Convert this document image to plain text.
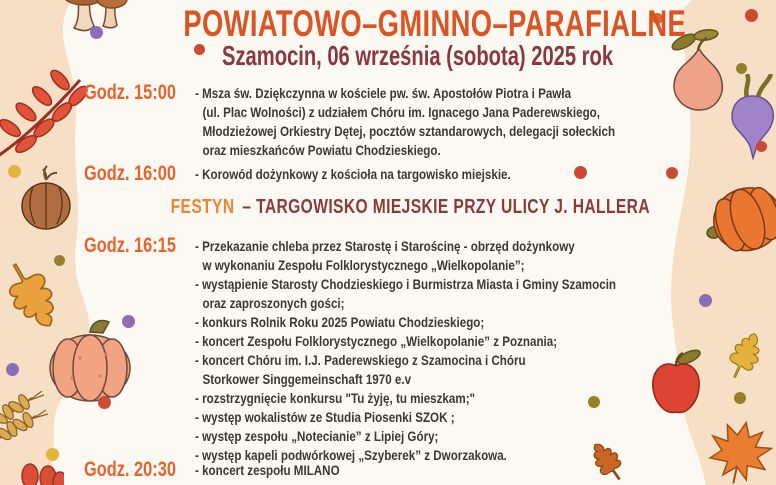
POWIATOWO–GMINNO–PARAFIALNE
Szamocin, 06 września (sobota) 2025 rok
Godz. 15:00 - Msza św. Dziękczynna w kościele pw. św. Apostołów Piotra i Pawła
(ul. Plac Wolności) z udziałem Chóru im. Ignacego Jana Paderewskiego,
Młodzieżowej Orkiestry Dętej, pocztów sztandarowych, delegacji sołeckich
oraz mieszkańców Powiatu Chodzieskiego.
Godz. 16:00 - Korowód dożynkowy z kościoła na targowisko miejskie.
FESTYN – TARGOWISKO MIEJSKIE PRZY ULICY J. HALLERA
Godz. 16:15 - Przekazanie chleba przez Starostę i Starościnę - obrzęd dożynkowy
w wykonaniu Zespołu Folklorystycznego „Wielkopolanie”;
- wystąpienie Starosty Chodzieskiego i Burmistrza Miasta i Gminy Szamocin
oraz zaproszonych gości;
- konkurs Rolnik Roku 2025 Powiatu Chodzieskiego;
- koncert Zespołu Folklorystycznego „Wielkopolanie” z Poznania;
- koncert Chóru im. I.J. Paderewskiego z Szamocina i Chóru
Storkower Singgemeinschaft 1970 e.v
- rozstrzygnięcie konkursu "Tu żyję, tu mieszkam;"
- występ wokalistów ze Studia Piosenki SZOK ;
- występ zespołu „Notecianie” z Lipiej Góry;
- występ kapeli podwórkowej „Szyberek” z Dworzakowa.
Godz. 20:30 - koncert zespołu MILANO
